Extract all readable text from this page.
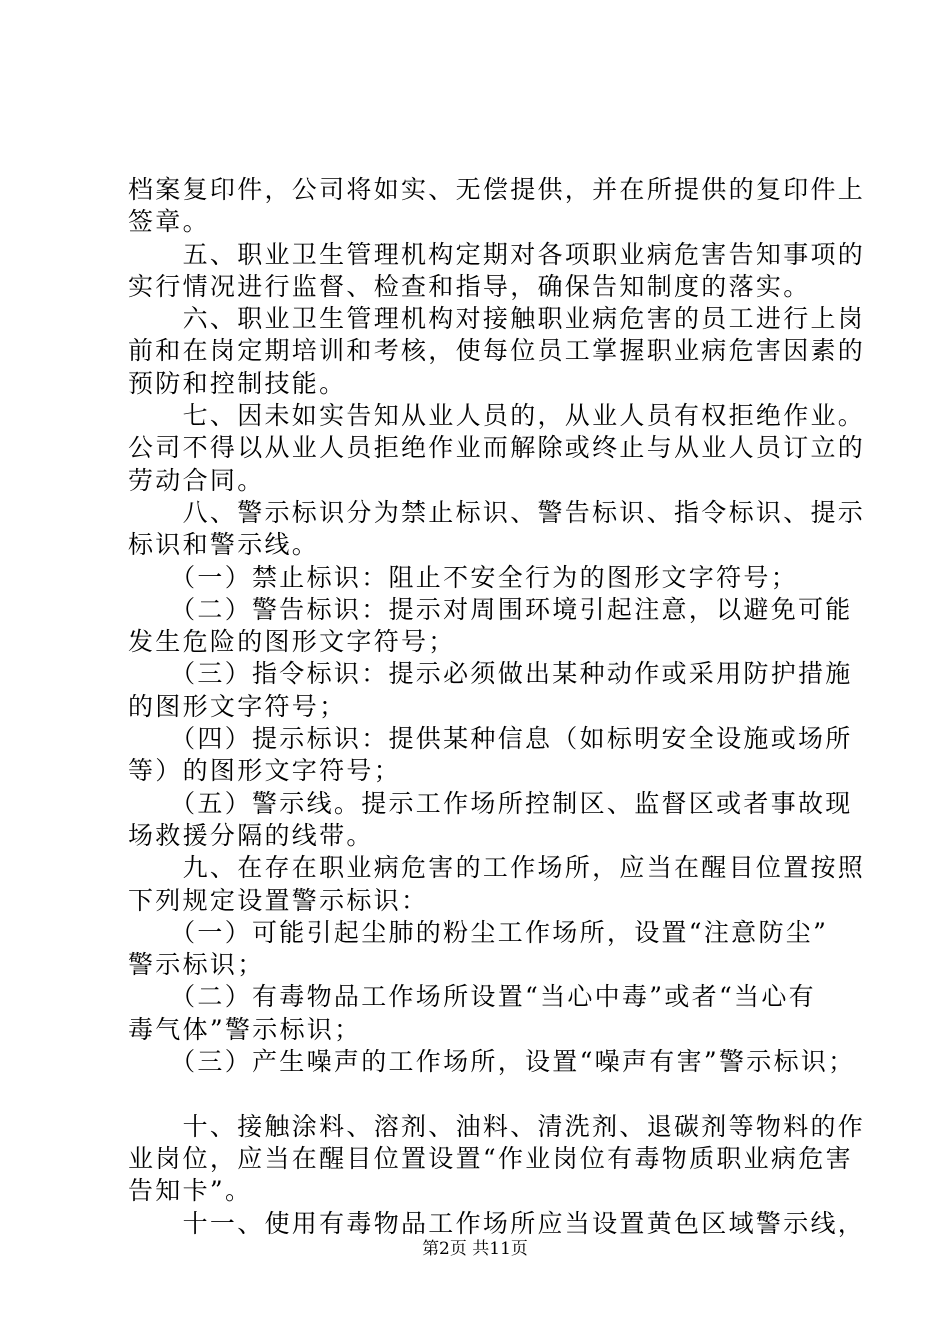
档案复印件，公司将如实、无偿提供，并在所提供的复印件上
签章。
　　五、职业卫生管理机构定期对各项职业病危害告知事项的
实行情况进行监督、检查和指导，确保告知制度的落实。
　　六、职业卫生管理机构对接触职业病危害的员工进行上岗
前和在岗定期培训和考核，使每位员工掌握职业病危害因素的
预防和控制技能。
　　七、因未如实告知从业人员的，从业人员有权拒绝作业。
公司不得以从业人员拒绝作业而解除或终止与从业人员订立的
劳动合同。
　　八、警示标识分为禁止标识、警告标识、指令标识、提示
标识和警示线。
　　（一）禁止标识：阻止不安全行为的图形文字符号；
　　（二）警告标识：提示对周围环境引起注意，以避免可能
发生危险的图形文字符号；
　　（三）指令标识：提示必须做出某种动作或采用防护措施
的图形文字符号；
　　（四）提示标识：提供某种信息（如标明安全设施或场所
等）的图形文字符号；
　　（五）警示线。提示工作场所控制区、监督区或者事故现
场救援分隔的线带。
　　九、在存在职业病危害的工作场所，应当在醒目位置按照
下列规定设置警示标识：
　　（一）可能引起尘肺的粉尘工作场所，设置“注意防尘”
警示标识；
　　（二）有毒物品工作场所设置“当心中毒”或者“当心有
毒气体”警示标识；
　　（三）产生噪声的工作场所，设置“噪声有害”警示标识；
　　十、接触涂料、溶剂、油料、清洗剂、退碳剂等物料的作
业岗位，应当在醒目位置设置“作业岗位有毒物质职业病危害
告知卡”。
　　十一、使用有毒物品工作场所应当设置黄色区域警示线，
第2页 共11页
